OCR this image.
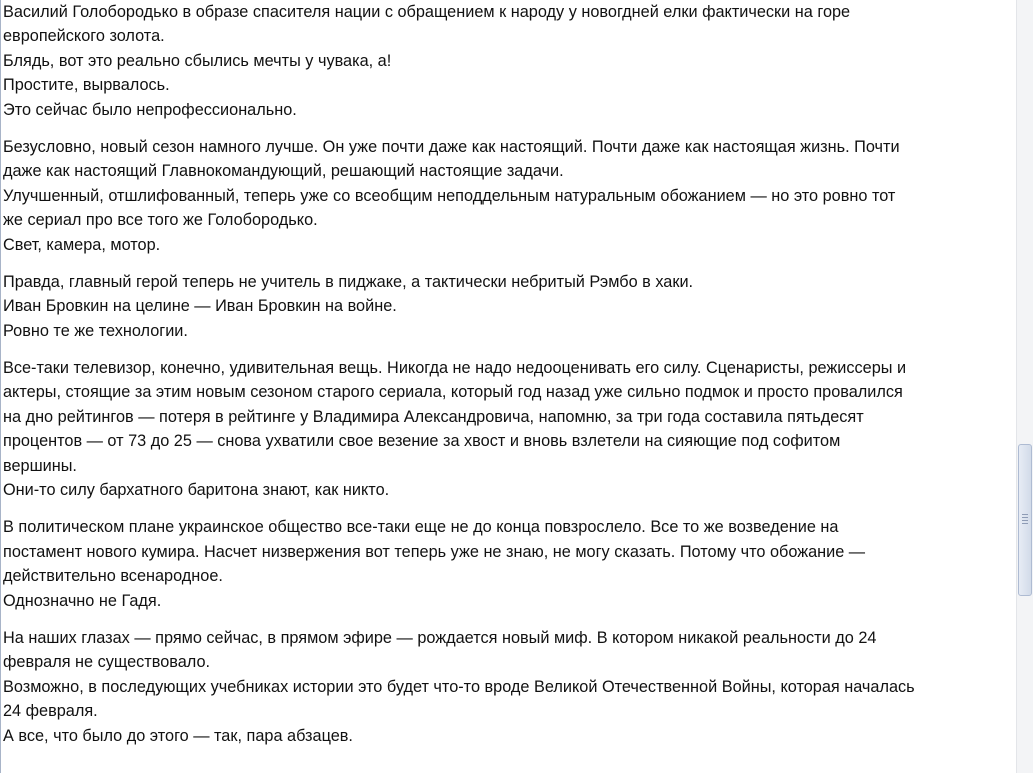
Василий Голобородько в образе спасителя нации с обращением к народу у новогдней елки фактически на горе
европейского золота.
Блядь, вот это реально сбылись мечты у чувака, а!
Простите, вырвалось.
Это сейчас было непрофессионально.
Безусловно, новый сезон намного лучше. Он уже почти даже как настоящий. Почти даже как настоящая жизнь. Почти
даже как настоящий Главнокомандующий, решающий настоящие задачи.
Улучшенный, отшлифованный, теперь уже со всеобщим неподдельным натуральным обожанием — но это ровно тот
же сериал про все того же Голобородько.
Свет, камера, мотор.
Правда, главный герой теперь не учитель в пиджаке, а тактически небритый Рэмбо в хаки.
Иван Бровкин на целине — Иван Бровкин на войне.
Ровно те же технологии.
Все-таки телевизор, конечно, удивительная вещь. Никогда не надо недооценивать его силу. Сценаристы, режиссеры и
актеры, стоящие за этим новым сезоном старого сериала, который год назад уже сильно подмок и просто провалился
на дно рейтингов — потеря в рейтинге у Владимира Александровича, напомню, за три года составила пятьдесят
процентов — от 73 до 25 — снова ухватили свое везение за хвост и вновь взлетели на сияющие под софитом
вершины.
Они-то силу бархатного баритона знают, как никто.
В политическом плане украинское общество все-таки еще не до конца повзрослело. Все то же возведение на
постамент нового кумира. Насчет низвержения вот теперь уже не знаю, не могу сказать. Потому что обожание —
действительно всенародное.
Однозначно не Гадя.
На наших глазах — прямо сейчас, в прямом эфире — рождается новый миф. В котором никакой реальности до 24
февраля не существовало.
Возможно, в последующих учебниках истории это будет что-то вроде Великой Отечественной Войны, которая началась
24 февраля.
А все, что было до этого — так, пара абзацев.
